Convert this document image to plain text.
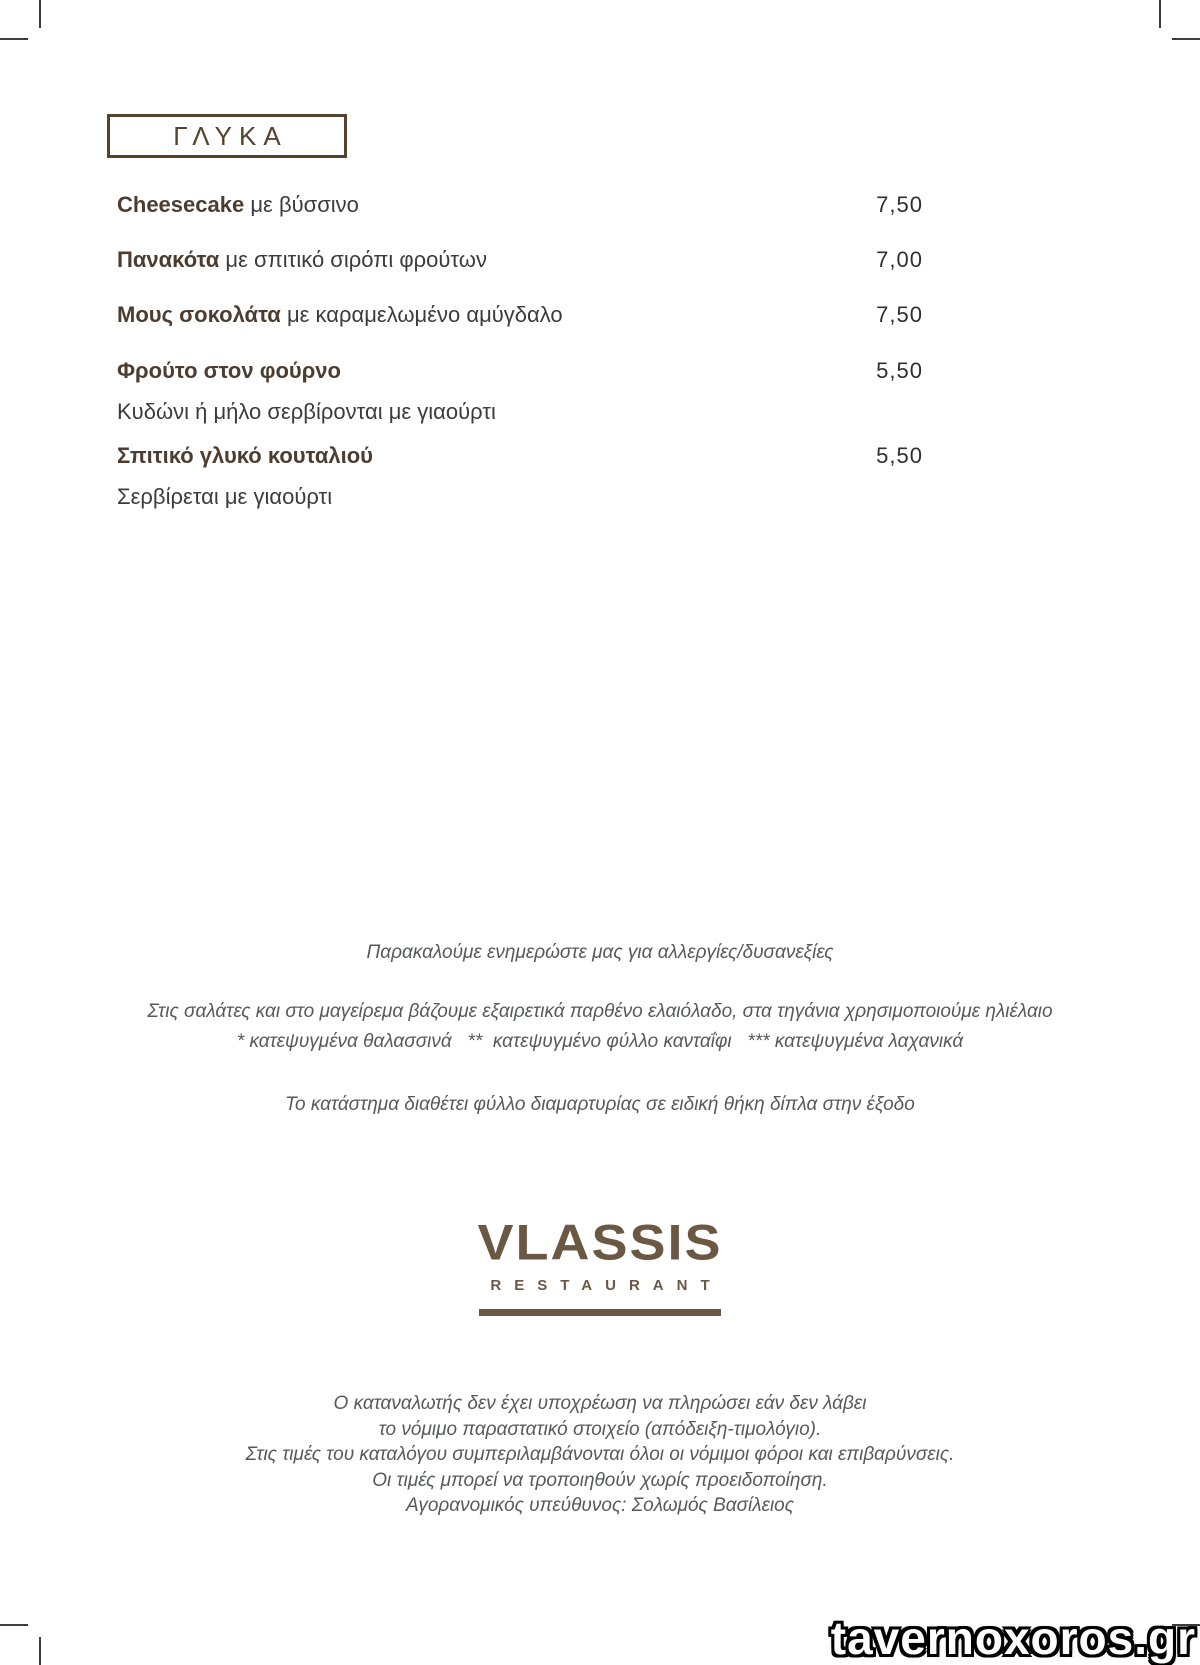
ΓΛΥΚΑ
Cheesecake με βύσσινο	7,50
Πανακότα με σπιτικό σιρόπι φρούτων	7,00
Μους σοκολάτα με καραμελωμένο αμύγδαλο	7,50
Φρούτο στον φούρνο	5,50
Κυδώνι ή μήλο σερβίρονται με γιαούρτι
Σπιτικό γλυκό κουταλιού	5,50
Σερβίρεται με γιαούρτι
Παρακαλούμε ενημερώστε μας για αλλεργίες/δυσανεξίες
Στις σαλάτες και στο μαγείρεμα βάζουμε εξαιρετικά παρθένο ελαιόλαδο, στα τηγάνια χρησιμοποιούμε ηλιέλαιο
* κατεψυγμένα θαλασσινά   **  κατεψυγμένο φύλλο κανταΐφι   *** κατεψυγμένα λαχανικά
Το κατάστημα διαθέτει φύλλο διαμαρτυρίας σε ειδική θήκη δίπλα στην έξοδο
VLASSIS
RESTAURANT
Ο καταναλωτής δεν έχει υποχρέωση να πληρώσει εάν δεν λάβει
το νόμιμο παραστατικό στοιχείο (απόδειξη-τιμολόγιο).
Στις τιμές του καταλόγου συμπεριλαμβάνονται όλοι οι νόμιμοι φόροι και επιβαρύνσεις.
Οι τιμές μπορεί να τροποιηθούν χωρίς προειδοποίηση.
Αγορανομικός υπεύθυνος: Σολωμός Βασίλειος
tavernoxoros.gr
